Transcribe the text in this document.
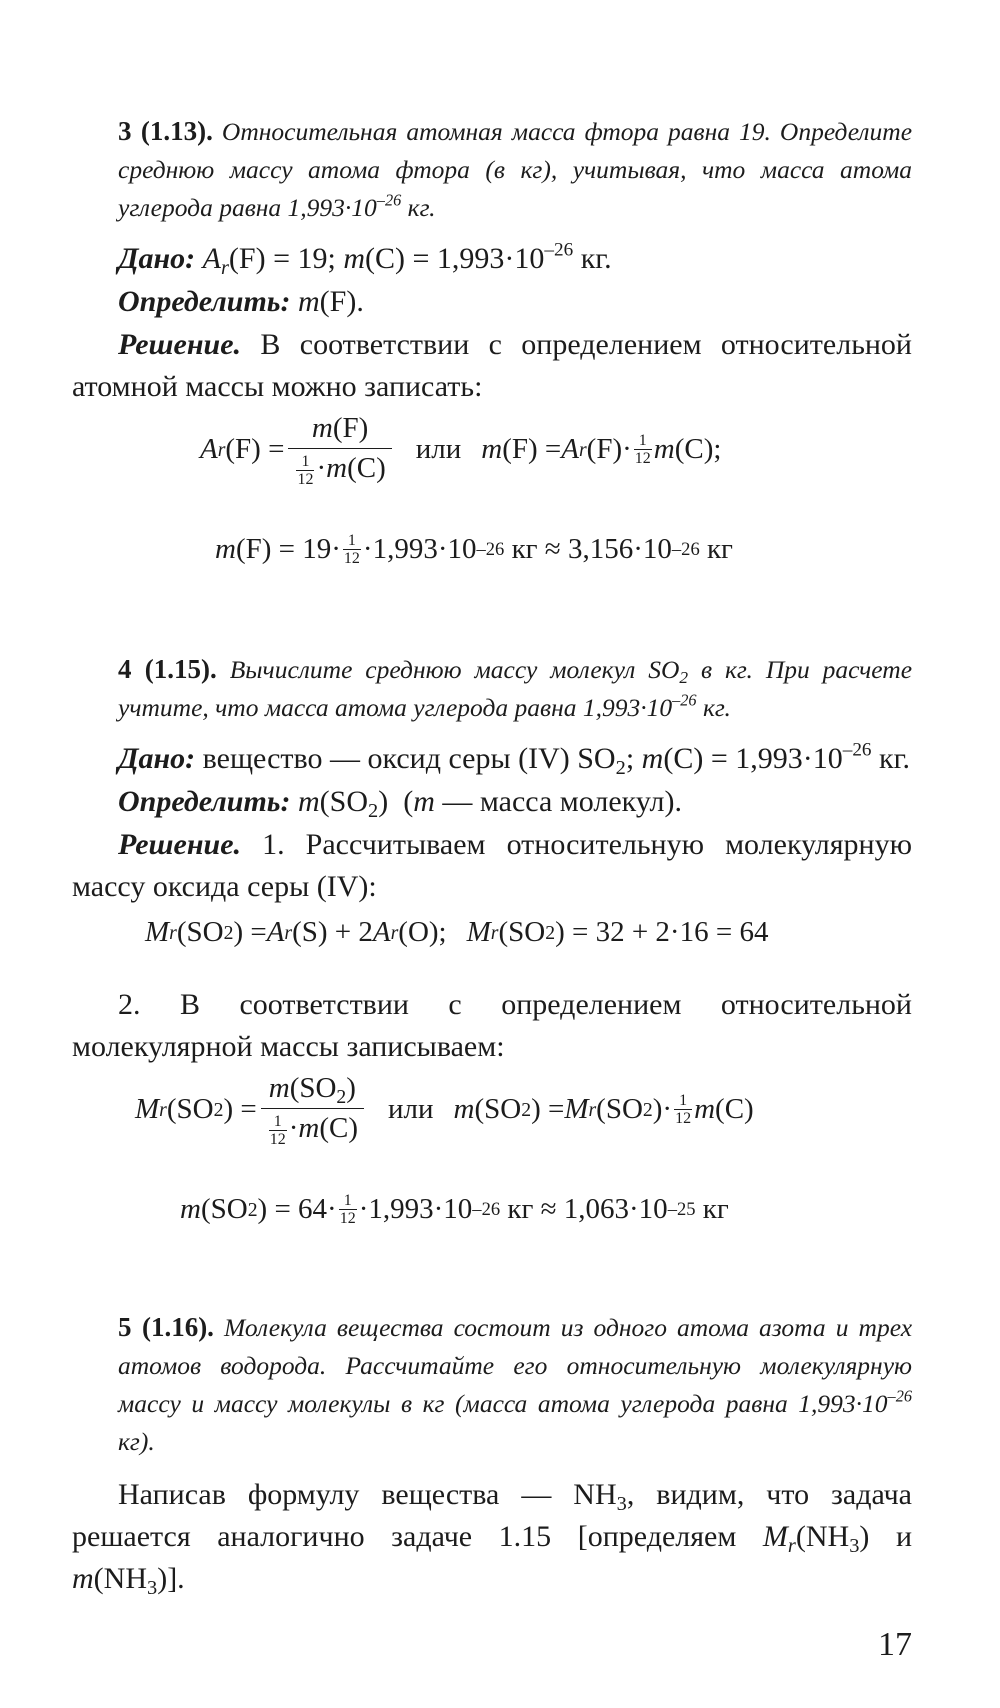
3 (1.13). Относительная атомная масса фтора равна 19. Определите среднюю массу атома фтора (в кг), учитывая, что масса атома углерода равна $1,993\cdot 10^{-26}$ кг.

Дано: $A_r(F) = 19$; $m(C) = 1,993\cdot 10^{-26}$ кг.

Определить: m(F).

Решение. В соответствии с определением относительной атомной массы можно записать:

A r $(F) = \frac{m(F)}{\frac{1}{12} \cdot m(C)}$ или m (F) = A r (F)· 1
12 m (C);
m (F) = 19· 1
12 ·1,993·10 –26
кг ≈ 3,156·10 –26
кг

4 (1.15). Вычислите среднюю массу молекул $SO_2$ в кг. При расчете учтите, что масса атома углерода равна $1,993\cdot 10^{-26}$ кг.

Дано: вещество — оксид серы (IV) $SO_2$; $m(C) = 1,993\cdot 10^{-26}$ кг.

Определить: $m(SO_2)$  (m — масса молекул).

Решение. 1. Рассчитываем относительную молекулярную массу оксида серы (IV):

M r (SO 2 ) = A r (S) + 2 A r (O); M r (SO 2 ) = 32 + 2·16 = 64

2. В соответствии с определением относительной молекулярной массы записываем:

M r (SO 2 ) = $\frac{m(SO_2)}{\frac{1}{12} \cdot m(C)}$ или m (SO 2 ) = M r (SO 2 )· 1
12 m (C)
m (SO 2 ) = 64· 1
12 ·1,993·10 –26
кг ≈ 1,063·10 –25
кг

5 (1.16). Молекула вещества состоит из одного атома азота и трех атомов водорода. Рассчитайте его относительную молекулярную массу и массу молекулы в кг (масса атома углерода равна $1,993\cdot 10^{-26}$ кг).

Написав формулу вещества — $NH_3$, видим, что задача решается аналогично задаче 1.15 [определяем $M_r(NH_3)$ и $m(NH_3)$].

17
